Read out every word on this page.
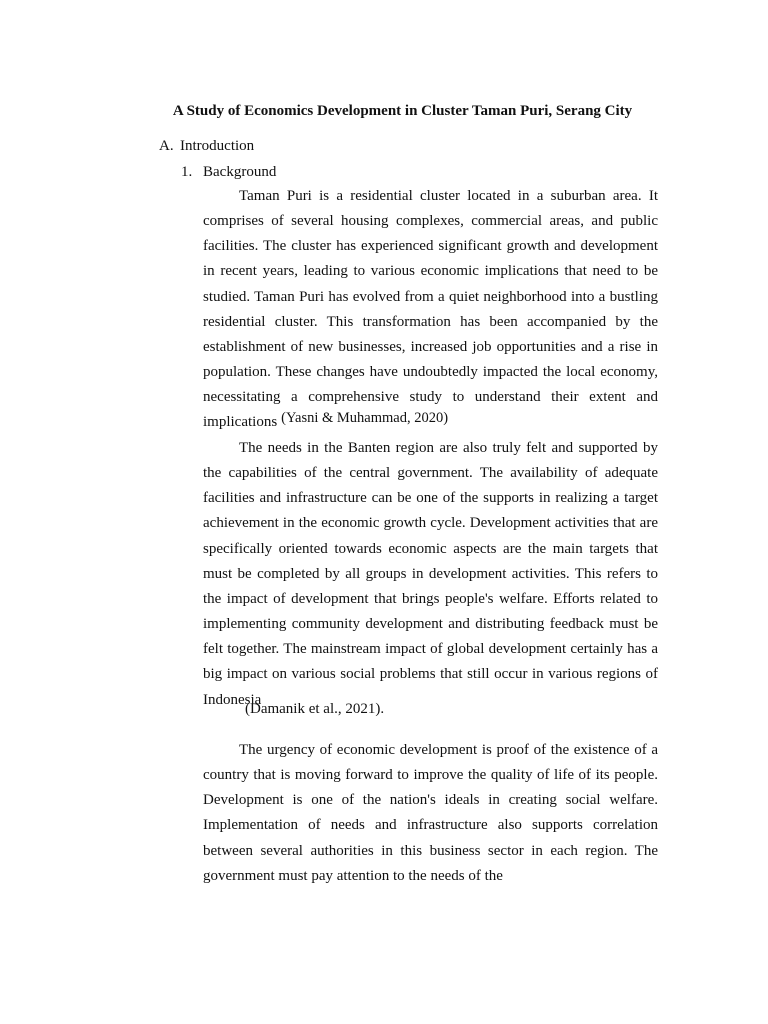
A Study of Economics Development in Cluster Taman Puri, Serang City
A. Introduction
1. Background

Taman Puri is a residential cluster located in a suburban area. It comprises of several housing complexes, commercial areas, and public facilities. The cluster has experienced significant growth and development in recent years, leading to various economic implications that need to be studied. Taman Puri has evolved from a quiet neighborhood into a bustling residential cluster. This transformation has been accompanied by the establishment of new businesses, increased job opportunities and a rise in population. These changes have undoubtedly impacted the local economy, necessitating a comprehensive study to understand their extent and implications (Yasni & Muhammad, 2020)

The needs in the Banten region are also truly felt and supported by the capabilities of the central government. The availability of adequate facilities and infrastructure can be one of the supports in realizing a target achievement in the economic growth cycle. Development activities that are specifically oriented towards economic aspects are the main targets that must be completed by all groups in development activities. This refers to the impact of development that brings people's welfare. Efforts related to implementing community development and distributing feedback must be felt together. The mainstream impact of global development certainly has a big impact on various social problems that still occur in various regions of Indonesia

(Damanik et al., 2021).

The urgency of economic development is proof of the existence of a country that is moving forward to improve the quality of life of its people. Development is one of the nation's ideals in creating social welfare. Implementation of needs and infrastructure also supports correlation between several authorities in this business sector in each region. The government must pay attention to the needs of the
